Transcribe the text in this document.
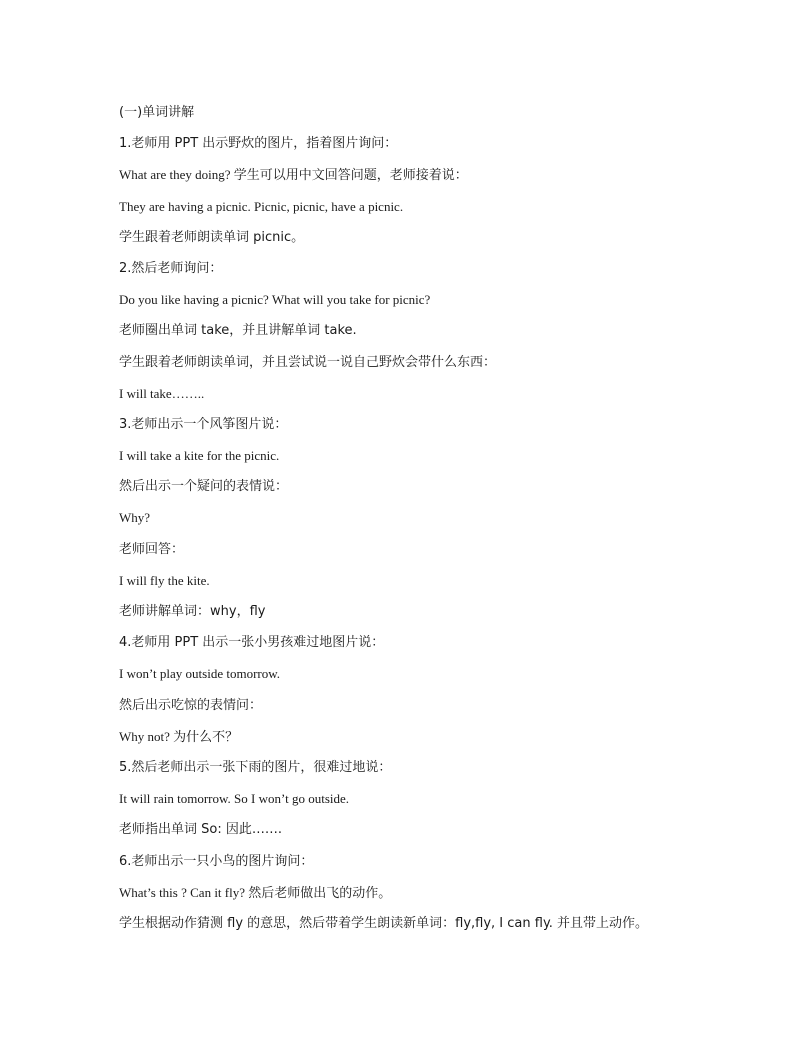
(一)单词讲解
1.老师用 PPT 出示野炊的图片，指着图片询问：
What are they doing? 学生可以用中文回答问题，老师接着说：
They are having a picnic. Picnic, picnic, have a picnic.
学生跟着老师朗读单词 picnic。
2.然后老师询问：
Do you like having a picnic? What will you take for picnic?
老师圈出单词 take，并且讲解单词 take.
学生跟着老师朗读单词，并且尝试说一说自己野炊会带什么东西：
I will take……..
3.老师出示一个风筝图片说：
I will take a kite for the picnic.
然后出示一个疑问的表情说：
Why?
老师回答：
I will fly the kite.
老师讲解单词：why，fly
4.老师用 PPT 出示一张小男孩难过地图片说：
I won’t play outside tomorrow.
然后出示吃惊的表情问：
Why not? 为什么不？
5.然后老师出示一张下雨的图片，很难过地说：
It will rain tomorrow. So I won’t go outside.
老师指出单词 So: 因此…….
6.老师出示一只小鸟的图片询问：
What’s this ? Can it fly? 然后老师做出飞的动作。
学生根据动作猜测 fly 的意思，然后带着学生朗读新单词：fly,fly, I can fly. 并且带上动作。
